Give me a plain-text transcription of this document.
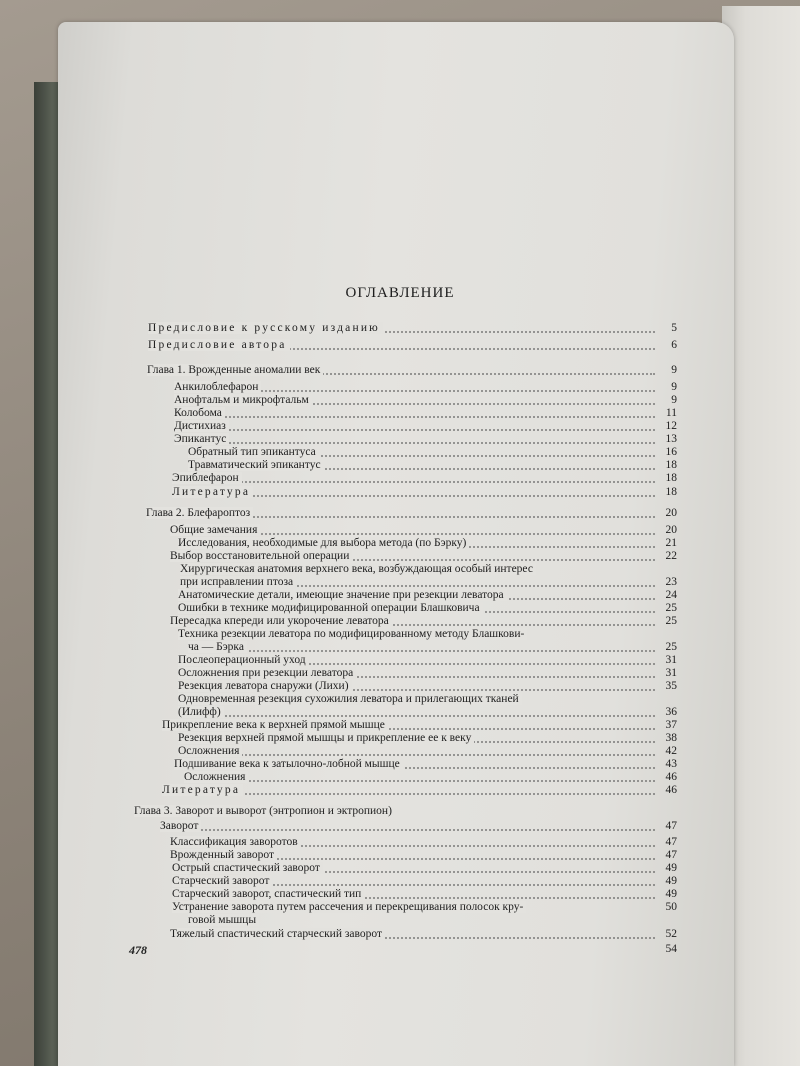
ОГЛАВЛЕНИЕ
Предисловие к русскому изданию	5
Предисловие автора	6
Глава 1. Врожденные аномалии век	9
Анкилоблефарон	9
Анофтальм и микрофтальм	9
Колобома	11
Дистихиаз	12
Эпикантус	13
Обратный тип эпикантуса	16
Травматический эпикантус	18
Эпиблефарон	18
Литература	18
Глава 2. Блефароптоз	20
Общие замечания	20
Исследования, необходимые для выбора метода (по Бэрку)	21
Выбор восстановительной операции	22
Хирургическая анатомия верхнего века, возбуждающая особый интерес
при исправлении птоза	23
Анатомические детали, имеющие значение при резекции леватора	24
Ошибки в технике модифицированной операции Блашковича	25
Пересадка кпереди или укорочение леватора	25
Техника резекции леватора по модифицированному методу Блашкови-
ча — Бэрка	25
Послеоперационный уход	31
Осложнения при резекции леватора	31
Резекция леватора снаружи (Лихи)	35
Одновременная резекция сухожилия леватора и прилегающих тканей
(Илифф)	36
Прикрепление века к верхней прямой мышце	37
Резекция верхней прямой мышцы и прикрепление ее к веку	38
Осложнения	42
Подшивание века к затылочно-лобной мышце	43
Осложнения	46
Литература	46
Глава 3. Заворот и выворот (энтропион и эктропион)
Заворот	47
Классификация заворотов	47
Врожденный заворот	47
Острый спастический заворот	49
Старческий заворот	49
Старческий заворот, спастический тип	49
Устранение заворота путем рассечения и перекрещивания полосок кру-	50
говой мышцы
Тяжелый спастический старческий заворот	52
54
478
